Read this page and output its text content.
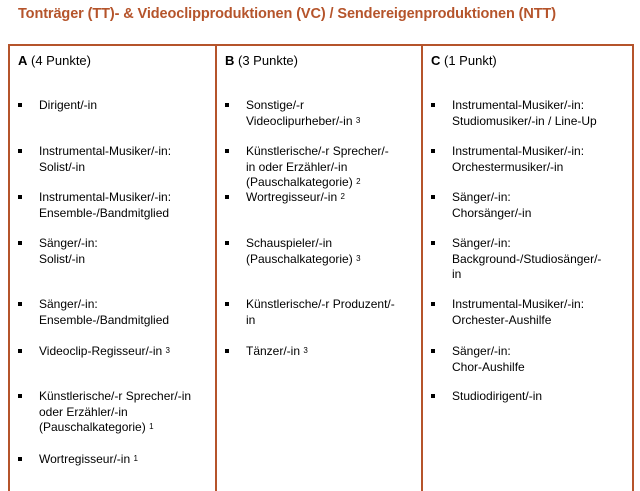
Tonträger (TT)- & Videoclipproduktionen (VC) / Sendereigenproduktionen (NTT)
A (4 Punkte)
Dirigent/-in
Instrumental-Musiker/-in:
Solist/-in
Instrumental-Musiker/-in:
Ensemble-/Bandmitglied
Sänger/-in:
Solist/-in
Sänger/-in:
Ensemble-/Bandmitglied
Videoclip-Regisseur/-in $^3$
Künstlerische/-r Sprecher/-in
oder Erzähler/-in
(Pauschalkategorie) $^1$
Wortregisseur/-in $^1$
B (3 Punkte)
Sonstige/-r
Videoclipurheber/-in $^3$
Künstlerische/-r Sprecher/-
in oder Erzähler/-in
(Pauschalkategorie) $^2$
Wortregisseur/-in $^2$
Schauspieler/-in
(Pauschalkategorie) $^3$
Künstlerische/-r Produzent/-
in
Tänzer/-in $^3$
C (1 Punkt)
Instrumental-Musiker/-in:
Studiomusiker/-in / Line-Up
Instrumental-Musiker/-in:
Orchestermusiker/-in
Sänger/-in:
Chorsänger/-in
Sänger/-in:
Background-/Studiosänger/-
in
Instrumental-Musiker/-in:
Orchester-Aushilfe
Sänger/-in:
Chor-Aushilfe
Studiodirigent/-in
